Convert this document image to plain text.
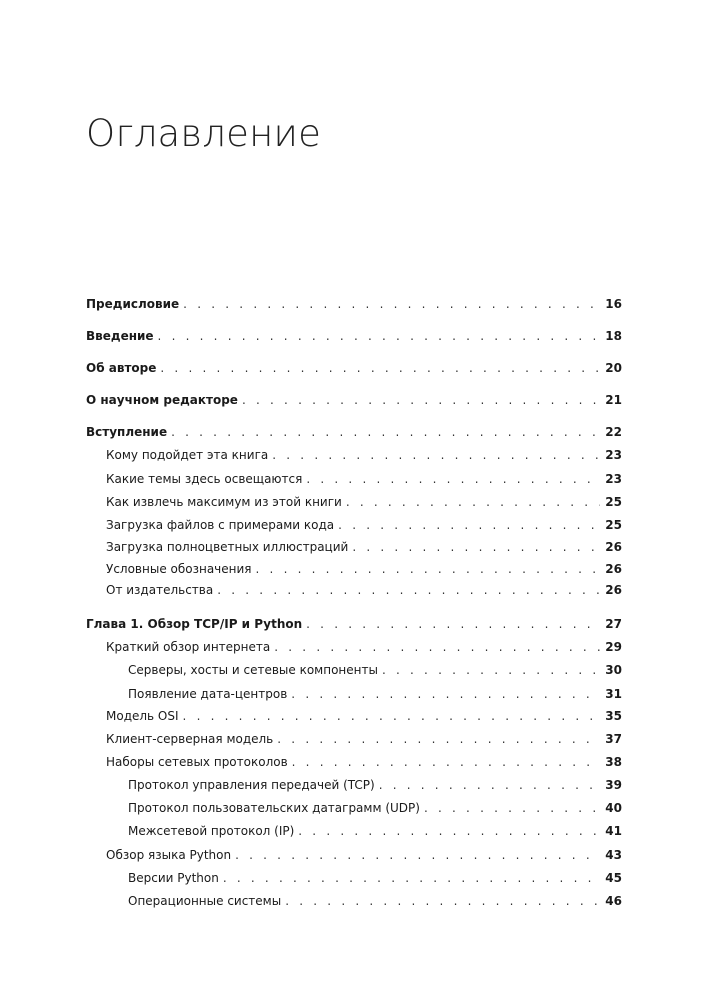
Оглавление
Предисловие . . .	16
Введение . . .	18
Об авторе . . .	20
О научном редакторе . . .	21
Вступление . . .	22
Кому подойдет эта книга . . .	23
Какие темы здесь освещаются . . .	23
Как извлечь максимум из этой книги . . .	25
Загрузка файлов с примерами кода . . .	25
Загрузка полноцветных иллюстраций . . .	26
Условные обозначения . . .	26
От издательства . . .	26
Глава 1. Обзор TCP/IP и Python . . .	27
Краткий обзор интернета . . .	29
Серверы, хосты и сетевые компоненты . . .	30
Появление дата-центров . . .	31
Модель OSI . . .	35
Клиент-серверная модель . . .	37
Наборы сетевых протоколов . . .	38
Протокол управления передачей (TCP) . . .	39
Протокол пользовательских датаграмм (UDP) . . .	40
Межсетевой протокол (IP) . . .	41
Обзор языка Python . . .	43
Версии Python . . .	45
Операционные системы . . .	46
